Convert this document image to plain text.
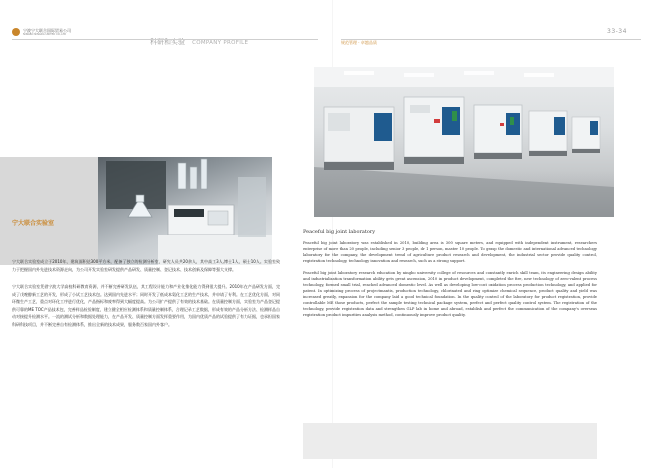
宁波宁大联合国际贸易公司
NINGBO NINGDA UNITED CO.,LTD
科研和实验 COMPANY PROFILE
宁大联合实验室

宁大联合实验室成立于2010年，建筑面积达300平方米，配备了独立的检测分析室，研究人员共20余人，其中高工3人,博士1人、硕士10人。实验室致力于把握国内外先进技术资源走向，为公司开发实验室研发提供产品研发、质量控制、登记技术、技术创新及保障等强大支撑。

宁大联合实验室凭借宁波大学高校科研教育资源，并不断完善研发队伍，其工程设计能力和产业化推化能力得到很大提升。2010年在产品研发方面，完成了戊唑醇新工艺的开发，形成了小试工艺技术包。达到国内先进水平；同时开发了低成本氨化工艺的生产技术，并申请了专利。在工艺优化方面，对同环微生产工艺，重点对环化工序进行优化，产品指标和废率得到大幅度提高。为公司扩产提供了有效的技术基础。在质量控制方面，实验室为产品登记提供可靠的ME TOC产品技术包，完善样品检验制度，建立健全相应检测体系和质量控制体系，合理记录工艺数据，形成有效的产品分析方法、检测样品自动对接提升检测水平。一流的测试分析和数据处理能力，在产品开发、质量控制方面发挥重要作用，为国内优质产品的试验提供了有力证据，也承担国家科研科技项目，并不断完善自有检测体系，推出全新的技术成果，服务数百家国内外客户。

规范管理 · 卓越品质
33-34
Peaceful big joint laboratory

Peaceful big joint laboratory was established in 2010, building area is 300 square meters, and equipped with independent instrument, researchers enterprise of more than 20 people, including senior 3 people, dr 1 person, master 10 people. To grasp the domestic and international advanced technology laboratory for the company, the development trend of agriculture product research and development, the industrial sector provide quality control, registration technology, technology innovation and research, such as a strong support.

Peaceful big joint laboratory research education by ningbo university college of resources and constantly enrich skill team, its engineering design ability and industrialization transformation ability gets great ascension, 2010 in product development, completed the fire, new technology of zero-valent process technology, formed small trial, reached advanced domestic level. As well as developing low-cost oxidation process production technology, and applied for patent. In optimizing process of projectmantis, production technology, chlorinated and ring optimize chemical sequence, product quality and yield was increased greatly, expansion for the company laid a good technical foundation. In the quality control of the laboratory for product registration, provide controllable ME those products, perfect the sample testing technical package system, perfect and perfect quality control system. The registration of the technology, provide registration data and strengthen GLP lab in home and abroad, establish and perfect the communication of the company's overseas registration product impurities analysis method, continuously improve product quality.
